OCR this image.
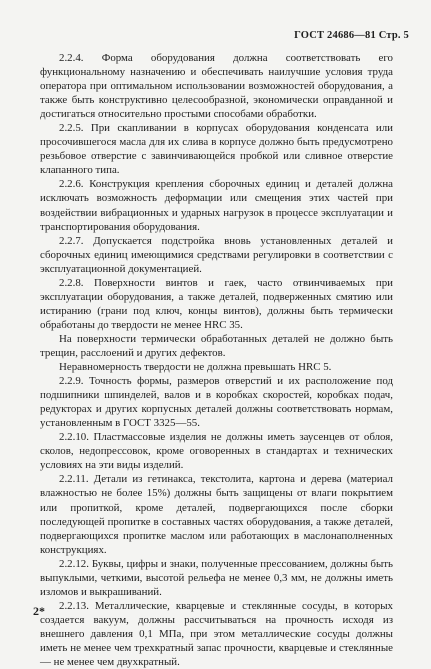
ГОСТ 24686—81 Стр. 5

2.2.4. Форма оборудования должна соответствовать его функциональному назначению и обеспечивать наилучшие условия труда оператора при оптимальном использовании возможностей оборудования, а также быть конструктивно целесообразной, экономически оправданной и достигаться относительно простыми способами обработки.

2.2.5. При скапливании в корпусах оборудования конденсата или просочившегося масла для их слива в корпусе должно быть предусмотрено резьбовое отверстие с завинчивающейся пробкой или сливное отверстие клапанного типа.

2.2.6. Конструкция крепления сборочных единиц и деталей должна исключать возможность деформации или смещения этих частей при воздействии вибрационных и ударных нагрузок в процессе эксплуатации и транспортирования оборудования.

2.2.7. Допускается подстройка вновь установленных деталей и сборочных единиц имеющимися средствами регулировки в соответствии с эксплуатационной документацией.

2.2.8. Поверхности винтов и гаек, часто отвинчиваемых при эксплуатации оборудования, а также деталей, подверженных смятию или истиранию (грани под ключ, концы винтов), должны быть термически обработаны до твердости не менее HRC 35.

На поверхности термически обработанных деталей не должно быть трещин, расслоений и других дефектов.

Неравномерность твердости не должна превышать HRC 5.

2.2.9. Точность формы, размеров отверстий и их расположение под подшипники шпинделей, валов и в коробках скоростей, коробках подач, редукторах и других корпусных деталей должны соответствовать нормам, установленным в ГОСТ 3325—55.

2.2.10. Пластмассовые изделия не должны иметь заусенцев от облоя, сколов, недопрессовок, кроме оговоренных в стандартах и технических условиях на эти виды изделий.

2.2.11. Детали из гетинакса, текстолита, картона и дерева (материал влажностью не более 15%) должны быть защищены от влаги покрытием или пропиткой, кроме деталей, подвергающихся после сборки последующей пропитке в составных частях оборудования, а также деталей, подвергающихся пропитке маслом или работающих в маслонаполненных конструкциях.

2.2.12. Буквы, цифры и знаки, полученные прессованием, должны быть выпуклыми, четкими, высотой рельефа не менее 0,3 мм, не должны иметь изломов и выкрашиваний.

2.2.13. Металлические, кварцевые и стеклянные сосуды, в которых создается вакуум, должны рассчитываться на прочность исходя из внешнего давления 0,1 МПа, при этом металлические сосуды должны иметь не менее чем трехкратный запас прочности, кварцевые и стеклянные — не менее чем двухкратный.

2*
